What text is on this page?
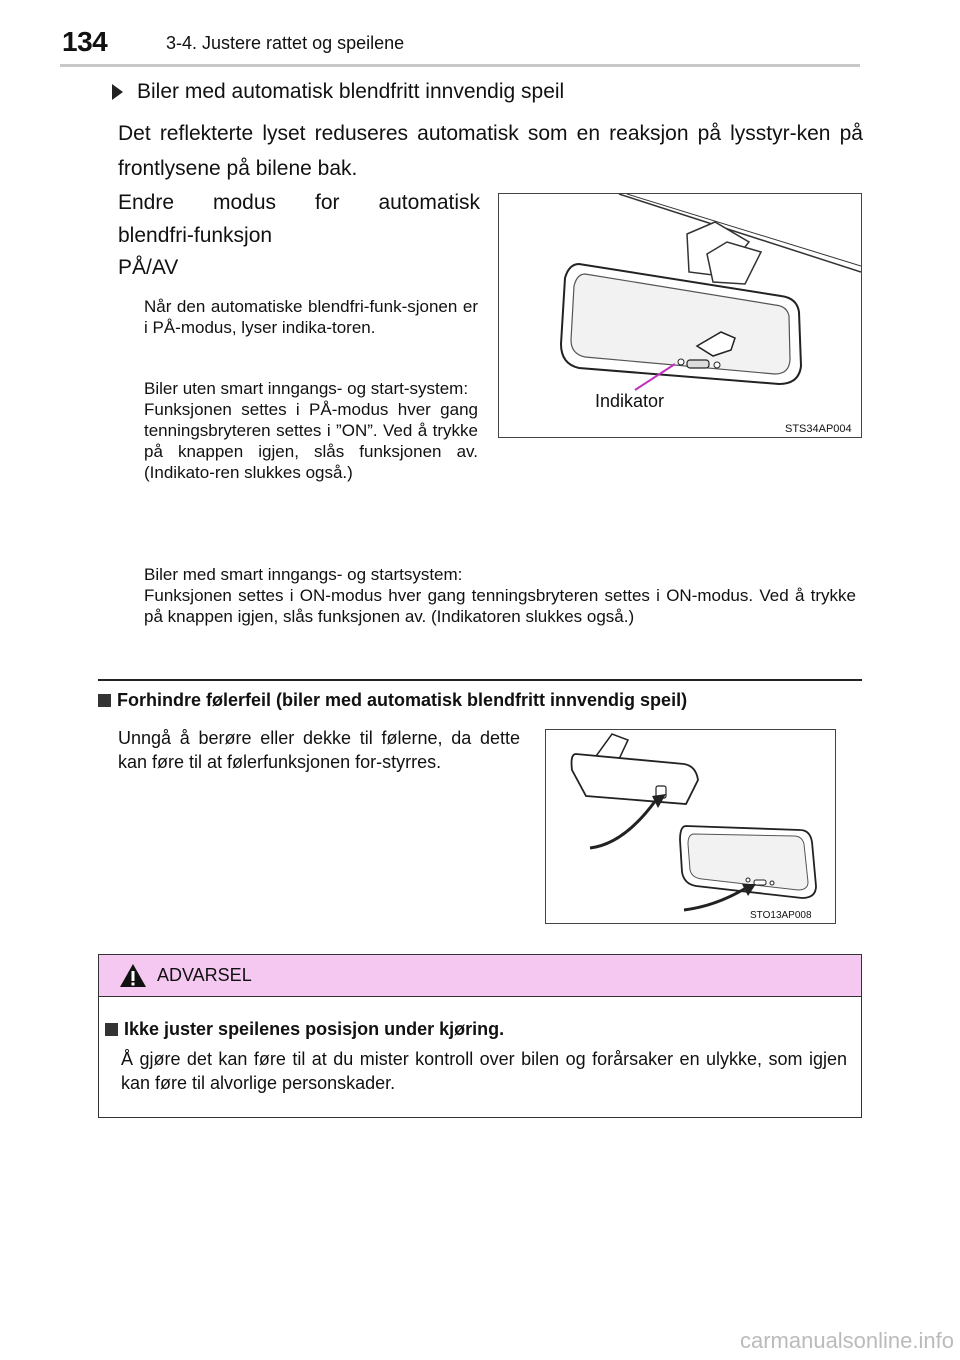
134	3-4. Justere rattet og speilene
Biler med automatisk blendfritt innvendig speil
Det reflekterte lyset reduseres automatisk som en reaksjon på lysstyr-ken på frontlysene på bilene bak.
Endre modus for automatisk
blendfri-funksjon
PÅ/AV
Når den automatiske blendfri-funk-sjonen er i PÅ-modus, lyser indika-toren.
Biler uten smart inngangs- og start-system:
Funksjonen settes i PÅ-modus hver gang tenningsbryteren settes i ”ON”. Ved å trykke på knappen igjen, slås funksjonen av. (Indikato-ren slukkes også.)
Biler med smart inngangs- og startsystem:
Funksjonen settes i ON-modus hver gang tenningsbryteren settes i ON-modus. Ved å trykke på knappen igjen, slås funksjonen av. (Indikatoren slukkes også.)
Indikator
STS34AP004
Forhindre følerfeil (biler med automatisk blendfritt innvendig speil)
Unngå å berøre eller dekke til følerne, da dette kan føre til at følerfunksjonen for-styrres.
STO13AP008
ADVARSEL
Ikke juster speilenes posisjon under kjøring.
Å gjøre det kan føre til at du mister kontroll over bilen og forårsaker en ulykke, som igjen kan føre til alvorlige personskader.
carmanualsonline.info
